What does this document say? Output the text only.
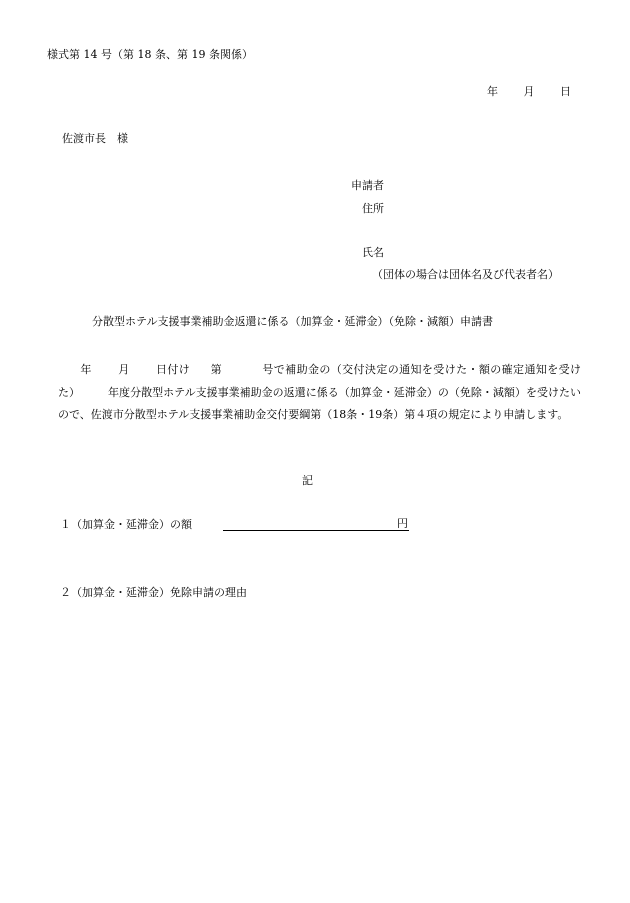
様式第 14 号（第 18 条、第 19 条関係）
年 月 日
佐渡市長　様
申請者
住所
氏名
（団体の場合は団体名及び代表者名）
分散型ホテル支援事業補助金返還に係る（加算金・延滞金）（免除・減額）申請書
年 月 日付け 第	号で補助金の（交付決定の通知を受けた・額の確定通知を受けた）	年度分散型ホテル支援事業補助金の返還に係る（加算金・延滞金）の（免除・減額）を受けたいので、佐渡市分散型ホテル支援事業補助金交付要綱第（18条・19条）第４項の規定により申請します。
記
１（加算金・延滞金）の額	円
２（加算金・延滞金）免除申請の理由
